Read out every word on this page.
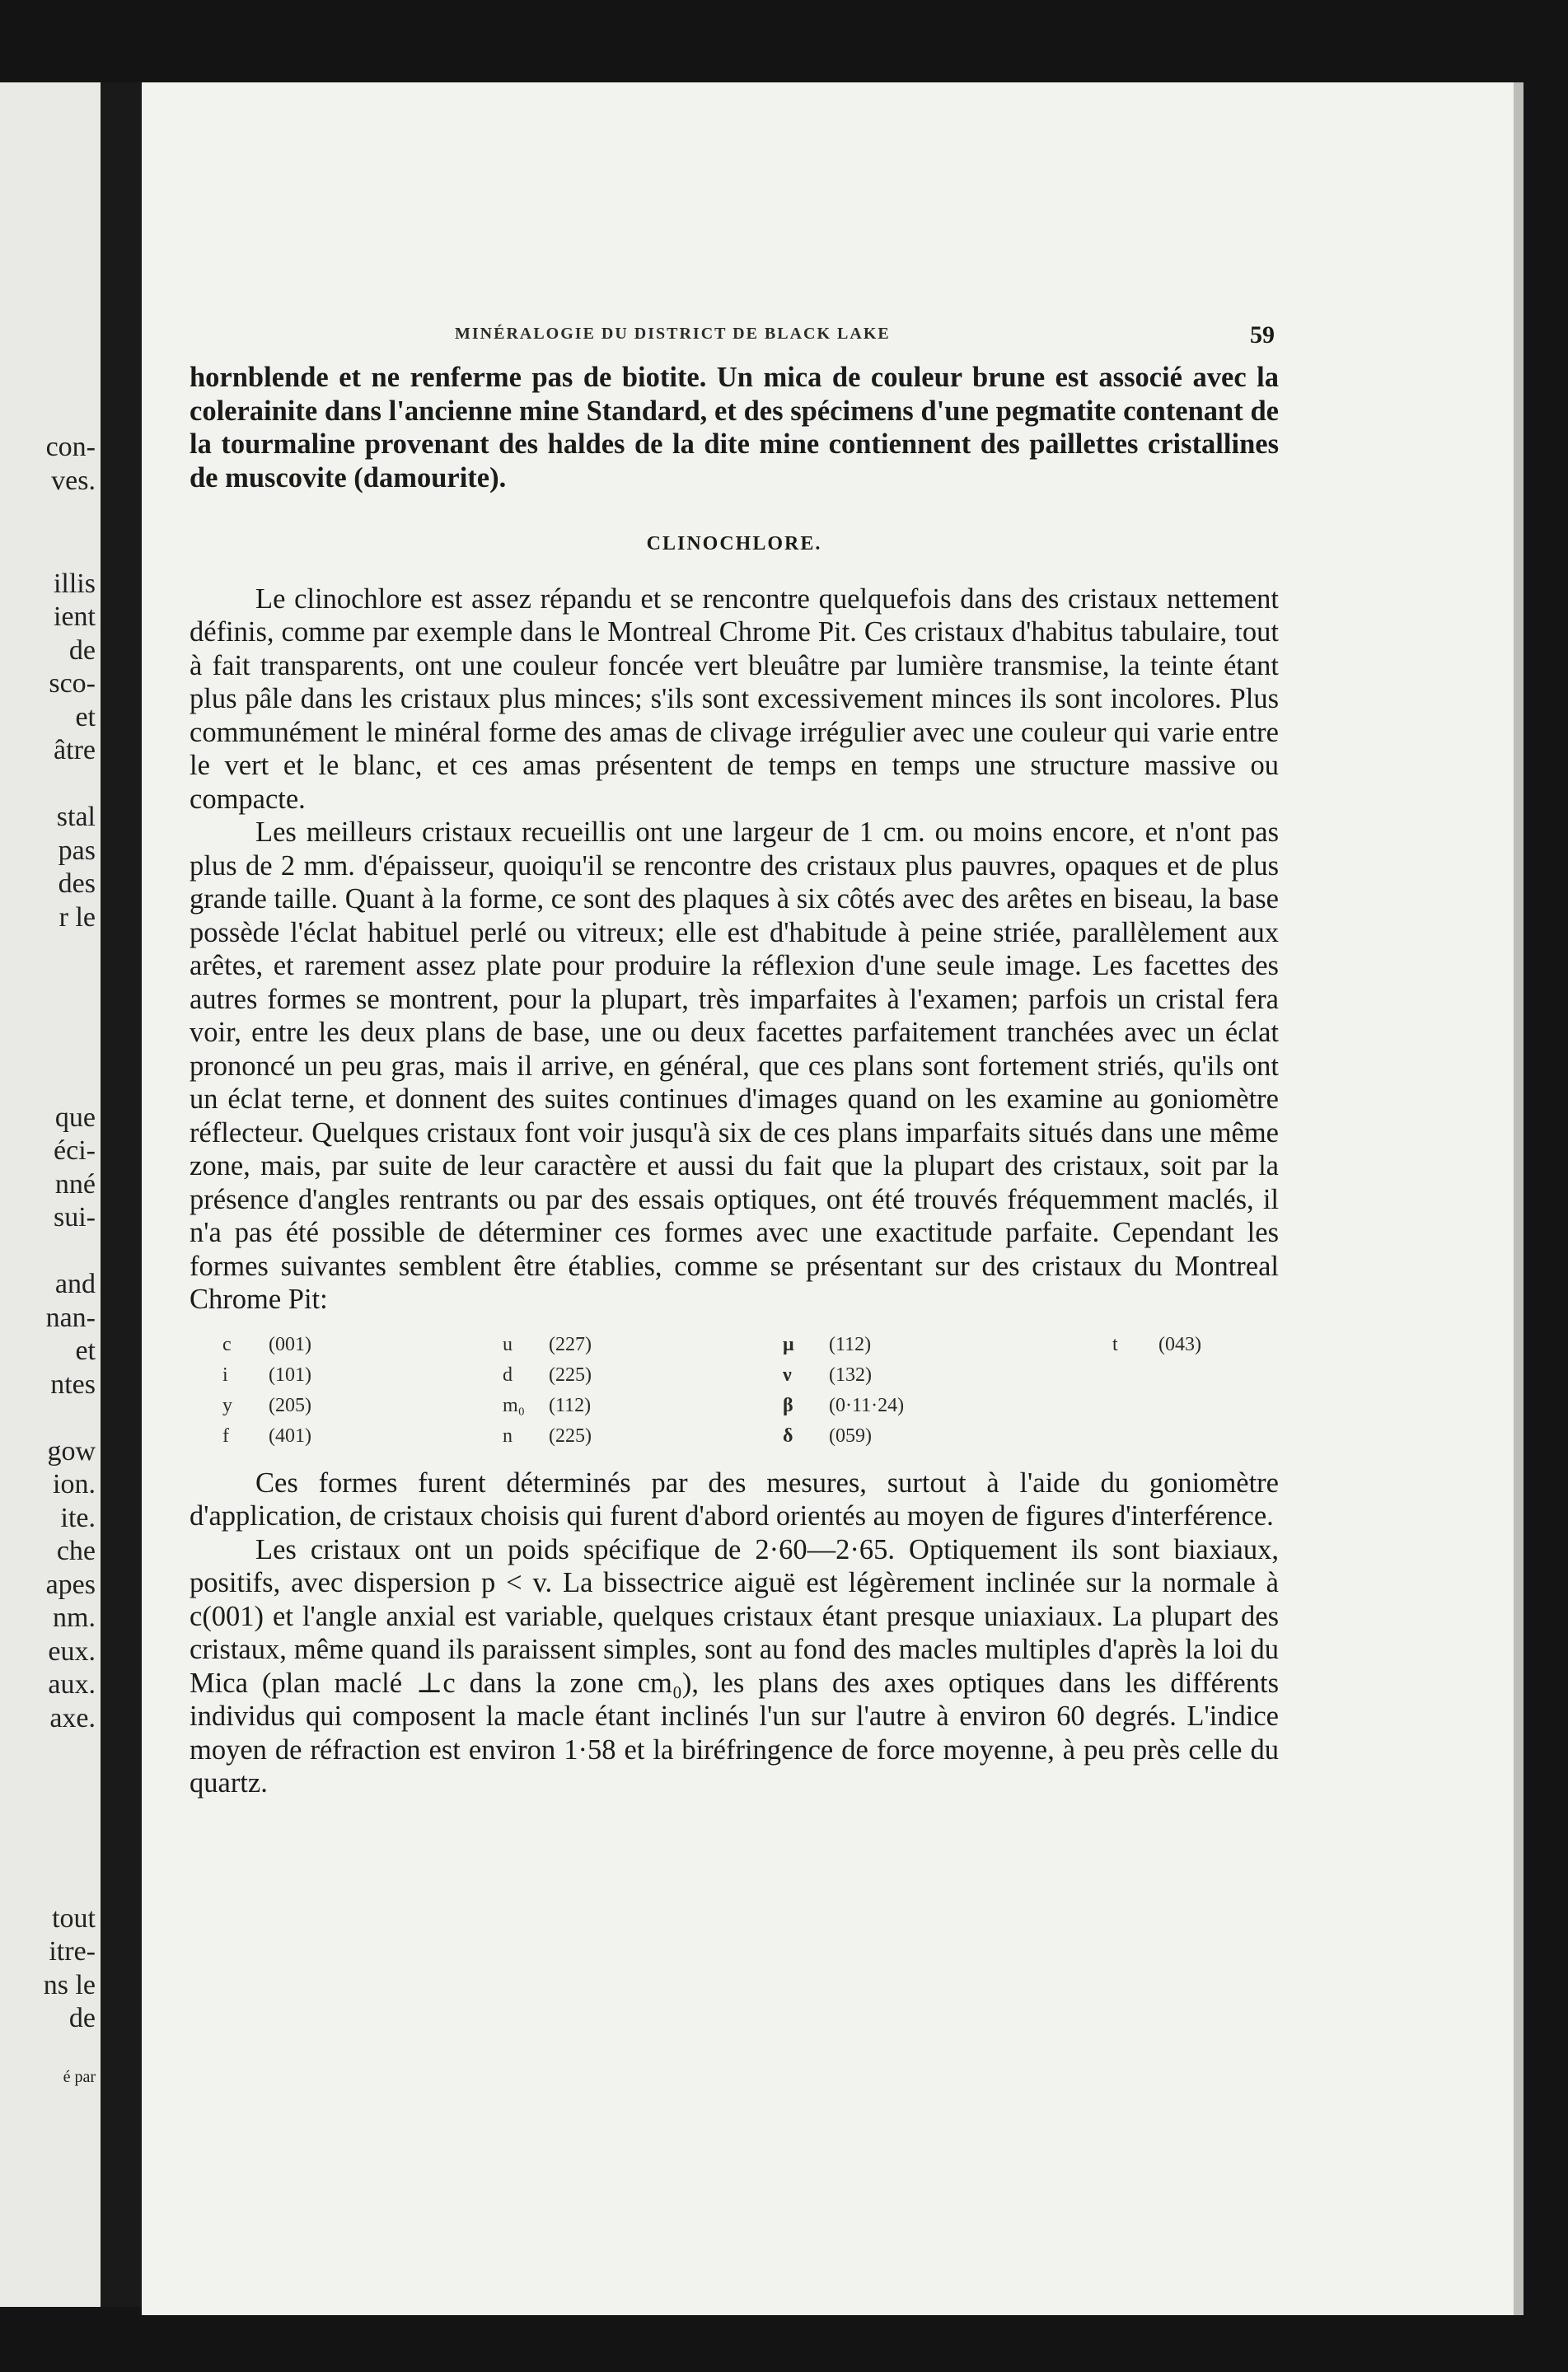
con-
ves.
illis
ient
de
sco-
et
âtre
stal
pas
des
r le
que
éci-
nné
sui-
and
nan-
et
ntes
gow
ion.
ite.
che
apes
nm.
eux.
aux.
axe.
tout
itre-
ns le
de
é par
MINÉRALOGIE DU DISTRICT DE BLACK LAKE	59

hornblende et ne renferme pas de biotite. Un mica de couleur brune est associé avec la colerainite dans l'ancienne mine Standard, et des spécimens d'une pegmatite contenant de la tourmaline provenant des haldes de la dite mine contiennent des paillettes cristallines de muscovite (damourite).

CLINOCHLORE.

Le clinochlore est assez répandu et se rencontre quelquefois dans des cristaux nettement définis, comme par exemple dans le Montreal Chrome Pit. Ces cristaux d'habitus tabulaire, tout à fait transparents, ont une couleur foncée vert bleuâtre par lumière transmise, la teinte étant plus pâle dans les cristaux plus minces; s'ils sont excessivement minces ils sont incolores. Plus communément le minéral forme des amas de clivage irrégulier avec une couleur qui varie entre le vert et le blanc, et ces amas présentent de temps en temps une structure massive ou compacte.

Les meilleurs cristaux recueillis ont une largeur de 1 cm. ou moins encore, et n'ont pas plus de 2 mm. d'épaisseur, quoiqu'il se rencontre des cristaux plus pauvres, opaques et de plus grande taille. Quant à la forme, ce sont des plaques à six côtés avec des arêtes en biseau, la base possède l'éclat habituel perlé ou vitreux; elle est d'habitude à peine striée, parallèlement aux arêtes, et rarement assez plate pour produire la réflexion d'une seule image. Les facettes des autres formes se montrent, pour la plupart, très imparfaites à l'examen; parfois un cristal fera voir, entre les deux plans de base, une ou deux facettes parfaitement tranchées avec un éclat prononcé un peu gras, mais il arrive, en général, que ces plans sont fortement striés, qu'ils ont un éclat terne, et donnent des suites continues d'images quand on les examine au goniomètre réflecteur. Quelques cristaux font voir jusqu'à six de ces plans imparfaits situés dans une même zone, mais, par suite de leur caractère et aussi du fait que la plupart des cristaux, soit par la présence d'angles rentrants ou par des essais optiques, ont été trouvés fréquemment maclés, il n'a pas été possible de déterminer ces formes avec une exactitude parfaite. Cependant les formes suivantes semblent être établies, comme se présentant sur des cristaux du Montreal Chrome Pit:

c (001)	u (227)	μ (112)	t (043)
i (101)	d (225)	ν (132)
y (205)	m₀ (112)	β (0·11·24)
f (401)	n (225)	δ (059)

Ces formes furent déterminés par des mesures, surtout à l'aide du goniomètre d'application, de cristaux choisis qui furent d'abord orientés au moyen de figures d'interférence.

Les cristaux ont un poids spécifique de 2·60—2·65. Optiquement ils sont biaxiaux, positifs, avec dispersion p < v. La bissectrice aiguë est légèrement inclinée sur la normale à c(001) et l'angle anxial est variable, quelques cristaux étant presque uniaxiaux. La plupart des cristaux, même quand ils paraissent simples, sont au fond des macles multiples d'après la loi du Mica (plan maclé ⊥c dans la zone cm₀), les plans des axes optiques dans les différents individus qui composent la macle étant inclinés l'un sur l'autre à environ 60 degrés. L'indice moyen de réfraction est environ 1·58 et la biréfringence de force moyenne, à peu près celle du quartz.
